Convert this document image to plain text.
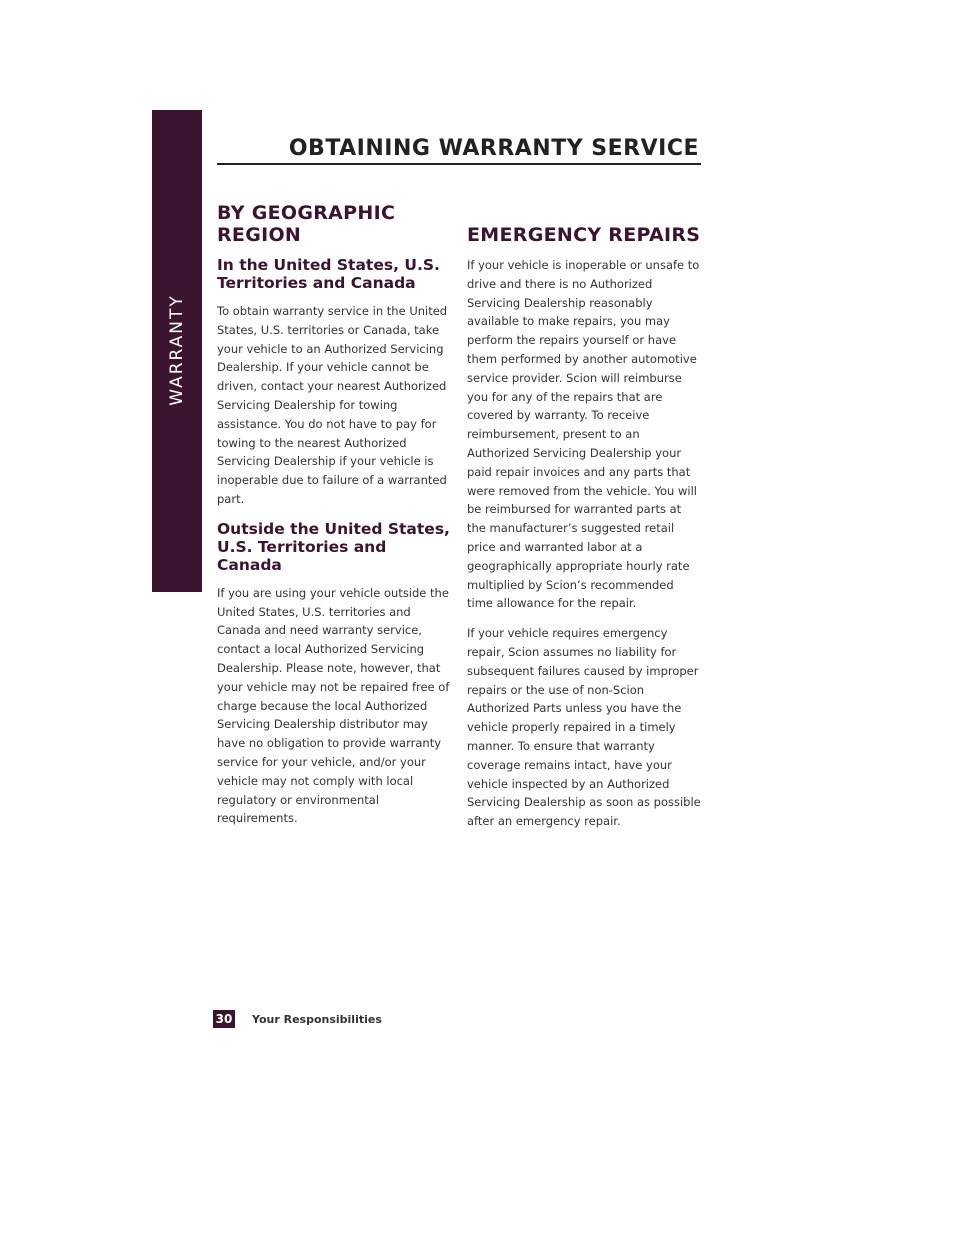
WARRANTY
OBTAINING WARRANTY SERVICE
BY GEOGRAPHIC REGION
In the United States, U.S. Territories and Canada

To obtain warranty service in the United States, U.S. territories or Canada, take your vehicle to an Authorized Servicing Dealership. If your vehicle cannot be driven, contact your nearest Authorized Servicing Dealership for towing assistance. You do not have to pay for towing to the nearest Authorized Servicing Dealership if your vehicle is inoperable due to failure of a warranted part.

Outside the United States, U.S. Territories and Canada

If you are using your vehicle outside the United States, U.S. territories and Canada and need warranty service, contact a local Authorized Servicing Dealership. Please note, however, that your vehicle may not be repaired free of charge because the local Authorized Servicing Dealership distributor may have no obligation to provide warranty service for your vehicle, and/or your vehicle may not comply with local regulatory or environmental requirements.

EMERGENCY REPAIRS

If your vehicle is inoperable or unsafe to drive and there is no Authorized Servicing Dealership reasonably available to make repairs, you may perform the repairs yourself or have them performed by another automotive service provider. Scion will reimburse you for any of the repairs that are covered by warranty. To receive reimbursement, present to an Authorized Servicing Dealership your paid repair invoices and any parts that were removed from the vehicle. You will be reimbursed for warranted parts at the manufacturer’s suggested retail price and warranted labor at a geographically appropriate hourly rate multiplied by Scion’s recommended time allowance for the repair.

If your vehicle requires emergency repair, Scion assumes no liability for subsequent failures caused by improper repairs or the use of non-Scion Authorized Parts unless you have the vehicle properly repaired in a timely manner. To ensure that warranty coverage remains intact, have your vehicle inspected by an Authorized Servicing Dealership as soon as possible after an emergency repair.

30 Your Responsibilities
